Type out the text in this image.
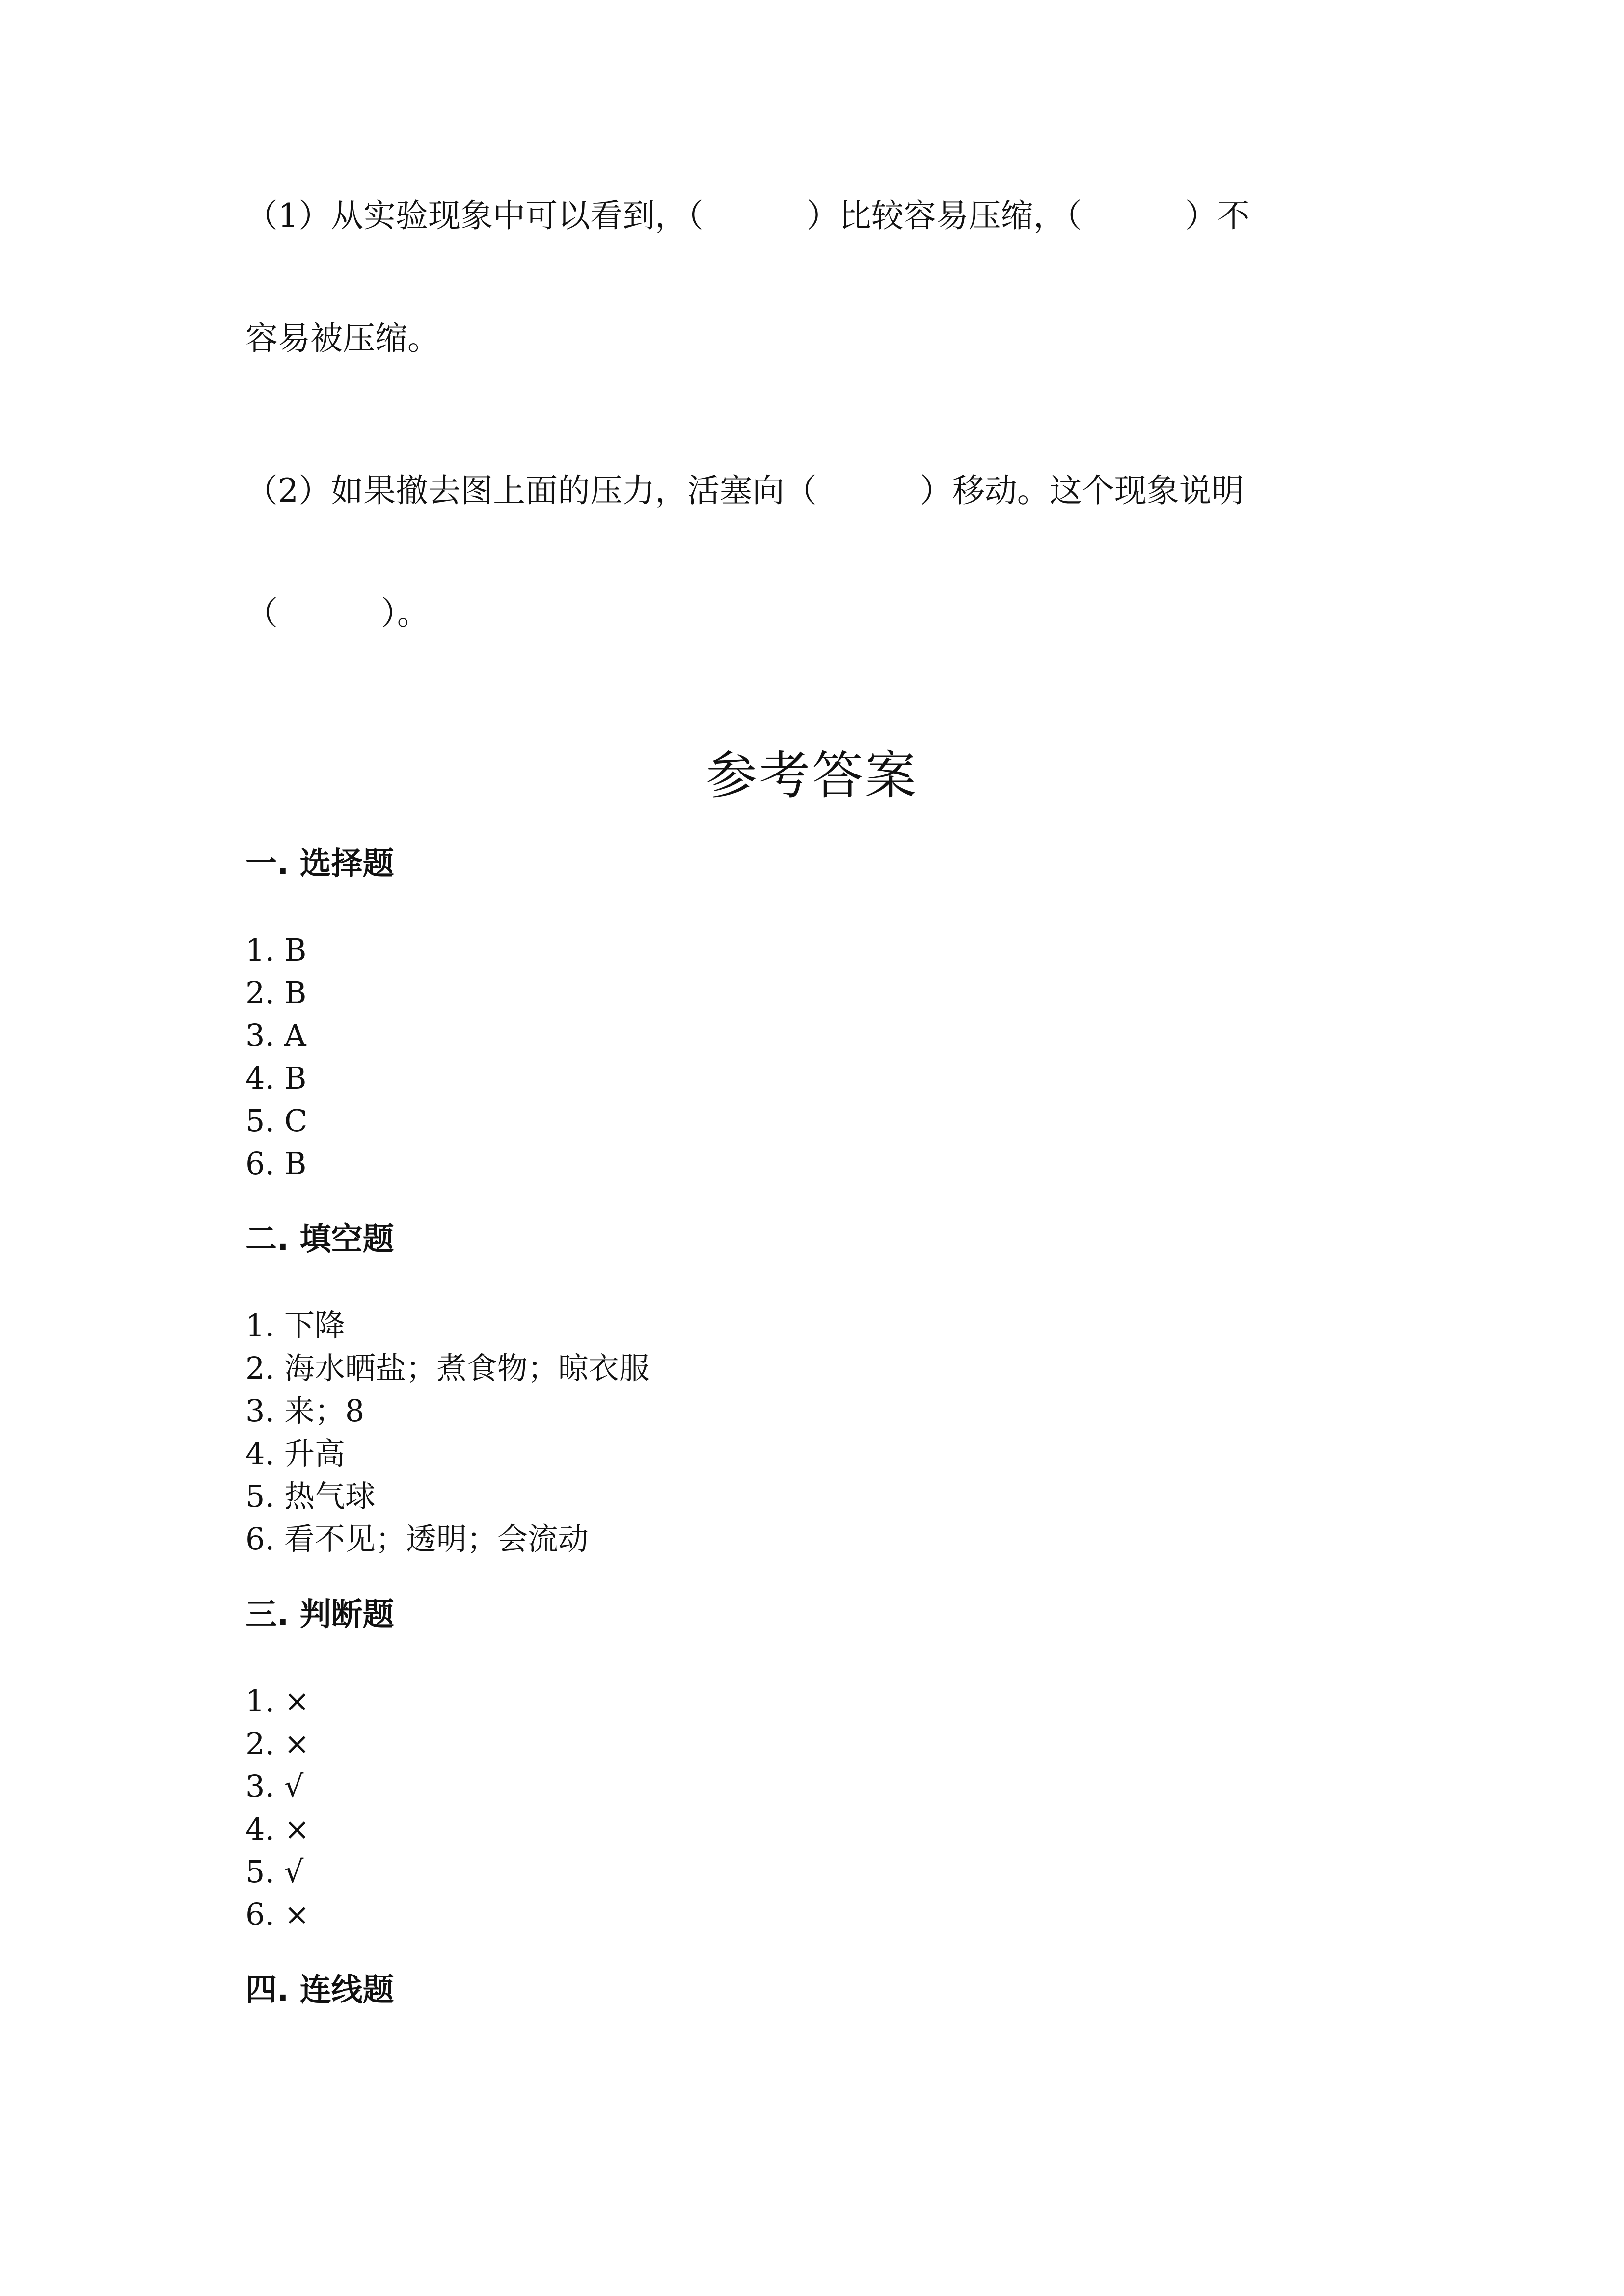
（1）从实验现象中可以看到，（          ）比较容易压缩，（          ）不
容易被压缩。
（2）如果撤去图上面的压力，活塞向（          ）移动。这个现象说明
（          ）。
参考答案
一. 选择题
1. B
2. B
3. A
4. B
5. C
6. B
二. 填空题
1. 下降
2. 海水晒盐；煮食物；晾衣服
3. 来；8
4. 升高
5. 热气球
6. 看不见；透明；会流动
三. 判断题
1. ×
2. ×
3. √
4. ×
5. √
6. ×
四. 连线题
